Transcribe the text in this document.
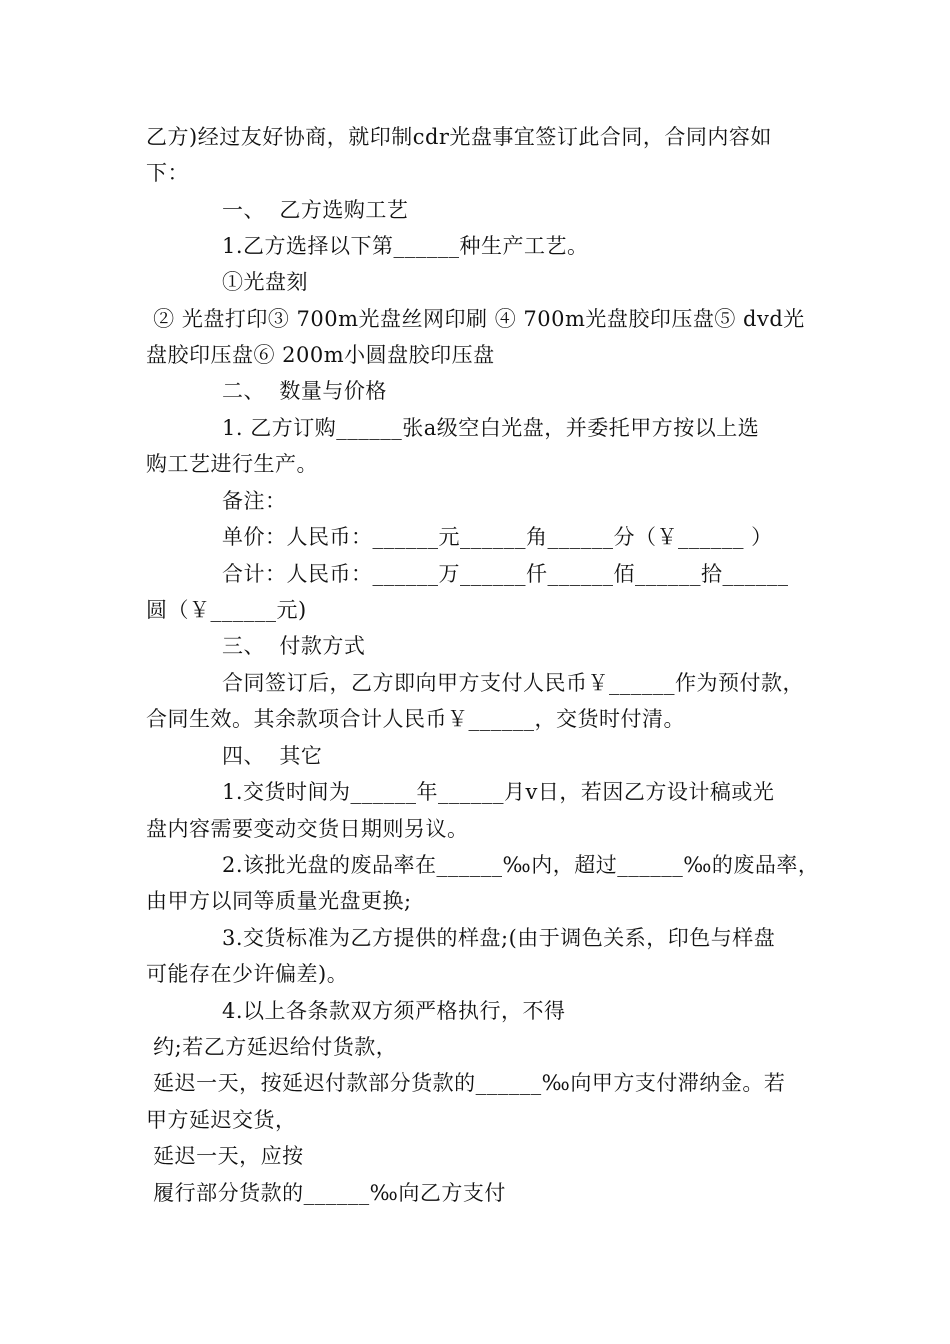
乙方)经过友好协商，就印制cdr光盘事宜签订此合同，合同内容如
下：
一、  乙方选购工艺
1.乙方选择以下第______种生产工艺。
①光盘刻
② 光盘打印③ 700m光盘丝网印刷 ④ 700m光盘胶印压盘⑤ dvd光
盘胶印压盘⑥ 200m小圆盘胶印压盘
二、  数量与价格
1. 乙方订购______张a级空白光盘，并委托甲方按以上选
购工艺进行生产。
备注：
单价：人民币：______元______角______分（￥______ ）
合计：人民币：______万______仟______佰______拾______
圆（￥______元)
三、  付款方式
合同签订后，乙方即向甲方支付人民币￥______作为预付款，
合同生效。其余款项合计人民币￥______，交货时付清。
四、  其它
1.交货时间为______年______月v日，若因乙方设计稿或光
盘内容需要变动交货日期则另议。
2.该批光盘的废品率在______‰内，超过______‰的废品率，
由甲方以同等质量光盘更换;
3.交货标准为乙方提供的样盘;(由于调色关系，印色与样盘
可能存在少许偏差)。
4.以上各条款双方须严格执行，不得
约;若乙方延迟给付货款，
延迟一天，按延迟付款部分货款的______‰向甲方支付滞纳金。若
甲方延迟交货，
延迟一天，应按
履行部分货款的______‰向乙方支付
